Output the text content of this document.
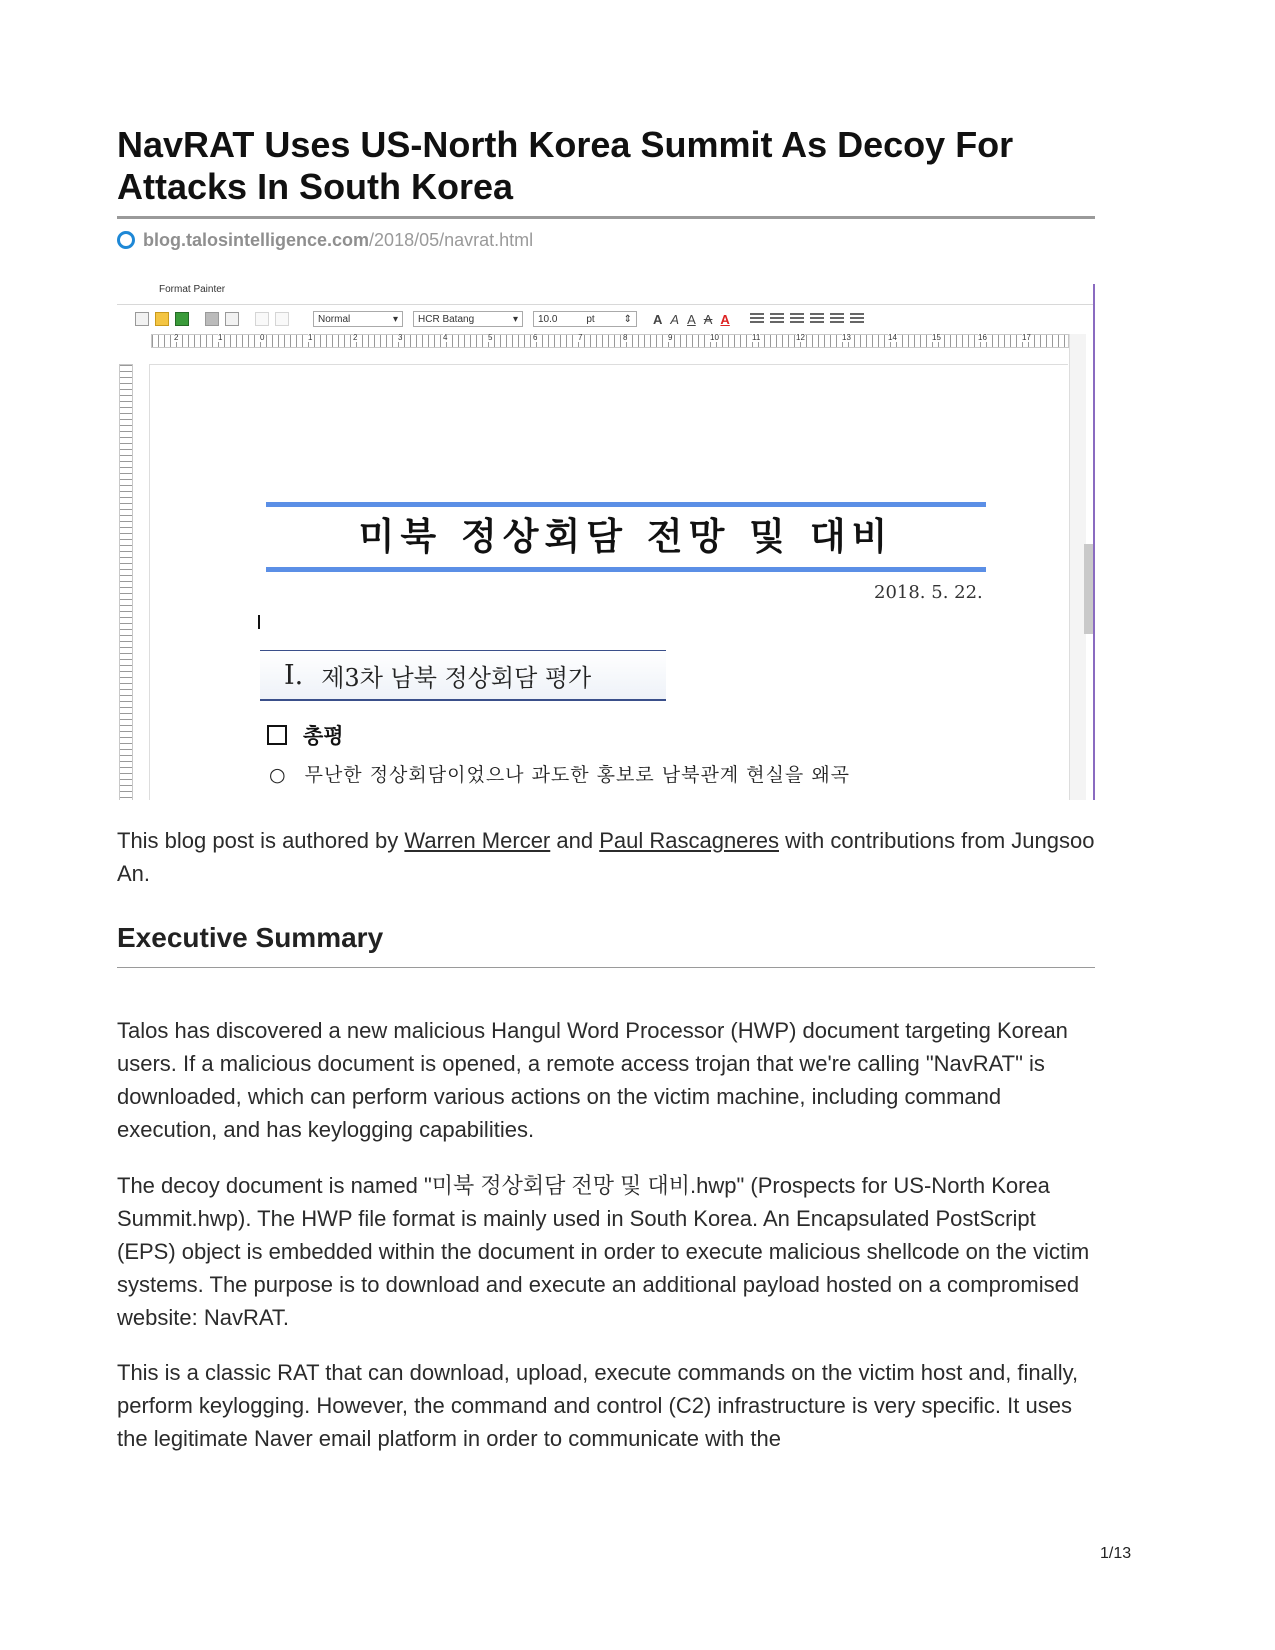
NavRAT Uses US-North Korea Summit As Decoy For Attacks In South Korea
blog.talosintelligence.com /2018/05/navrat.html
Format Painter
Normal	▾ HCR Batang	▾ 10.0	pt	⇕ A A A A A
2	1	0	1	2	3	4	5	6	7	8	9	10	11	12	13	14	15	16	17
미북 정상회담 전망 및 대비
2018. 5. 22.
Ⅰ. 제3차 남북 정상회담 평가
총평
○ 무난한 정상회담이었으나 과도한 홍보로 남북관계 현실을 왜곡

This blog post is authored by Warren Mercer and Paul Rascagneres with contributions from Jungsoo An.

Executive Summary

Talos has discovered a new malicious Hangul Word Processor (HWP) document targeting Korean users. If a malicious document is opened, a remote access trojan that we're calling "NavRAT" is downloaded, which can perform various actions on the victim machine, including command execution, and has keylogging capabilities.

The decoy document is named "미북 정상회담 전망 및 대비.hwp" (Prospects for US-North Korea Summit.hwp). The HWP file format is mainly used in South Korea. An Encapsulated PostScript (EPS) object is embedded within the document in order to execute malicious shellcode on the victim systems. The purpose is to download and execute an additional payload hosted on a compromised website: NavRAT.

This is a classic RAT that can download, upload, execute commands on the victim host and, finally, perform keylogging. However, the command and control (C2) infrastructure is very specific. It uses the legitimate Naver email platform in order to communicate with the

1/13
